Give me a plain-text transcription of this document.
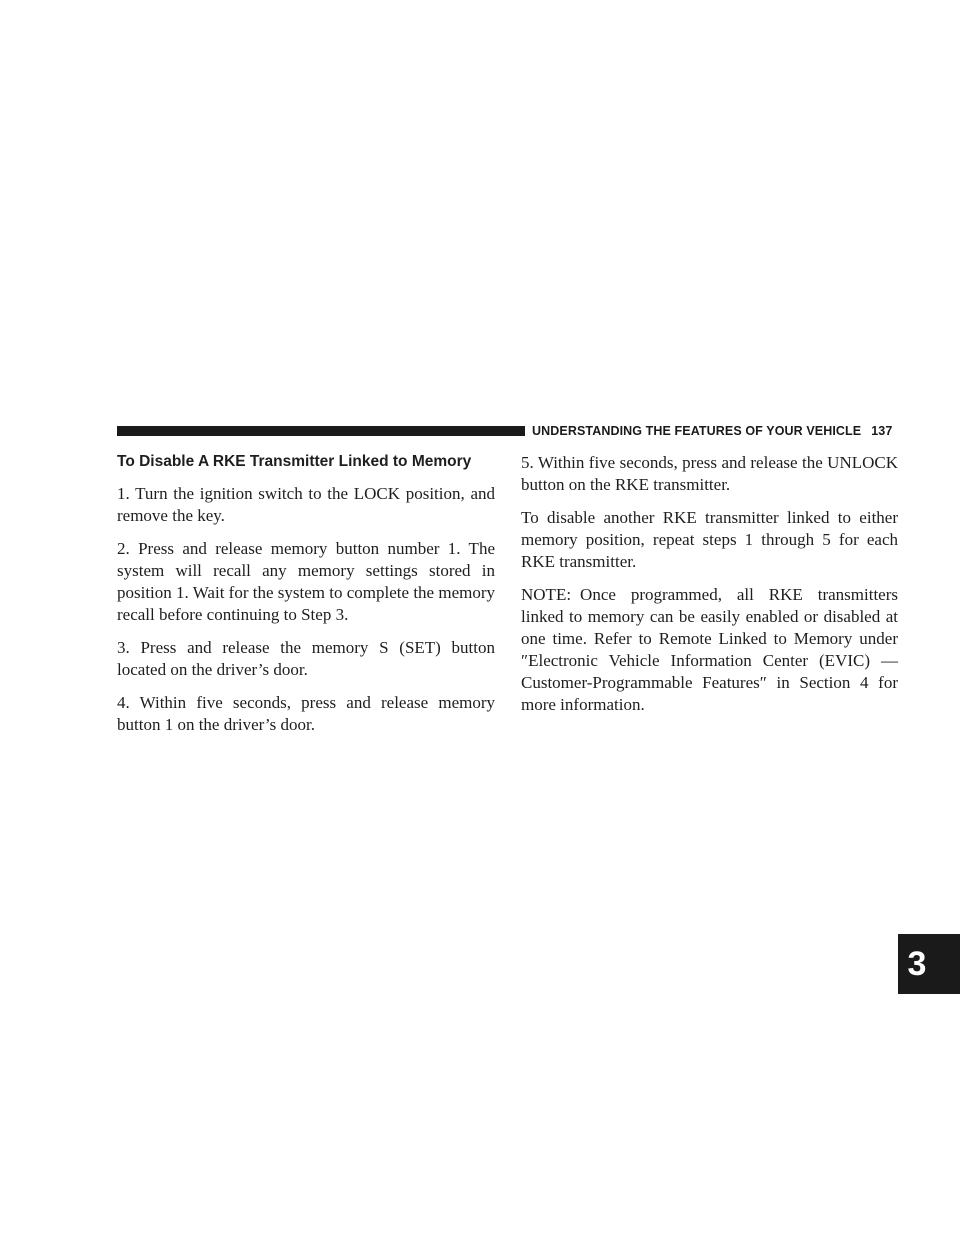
UNDERSTANDING THE FEATURES OF YOUR VEHICLE 137
3
To Disable A RKE Transmitter Linked to Memory

1. Turn the ignition switch to the LOCK position, and remove the key.

2. Press and release memory button number 1. The system will recall any memory settings stored in position 1. Wait for the system to complete the memory recall before continuing to Step 3.

3. Press and release the memory S (SET) button located on the driver’s door.

4. Within five seconds, press and release memory button 1 on the driver’s door.

5. Within five seconds, press and release the UNLOCK button on the RKE transmitter.

To disable another RKE transmitter linked to either memory position, repeat steps 1 through 5 for each RKE transmitter.

NOTE: Once programmed, all RKE transmitters linked to memory can be easily enabled or disabled at one time. Refer to Remote Linked to Memory under ″Electronic Vehicle Information Center (EVIC) — Customer-Programmable Features″ in Section 4 for more information.
